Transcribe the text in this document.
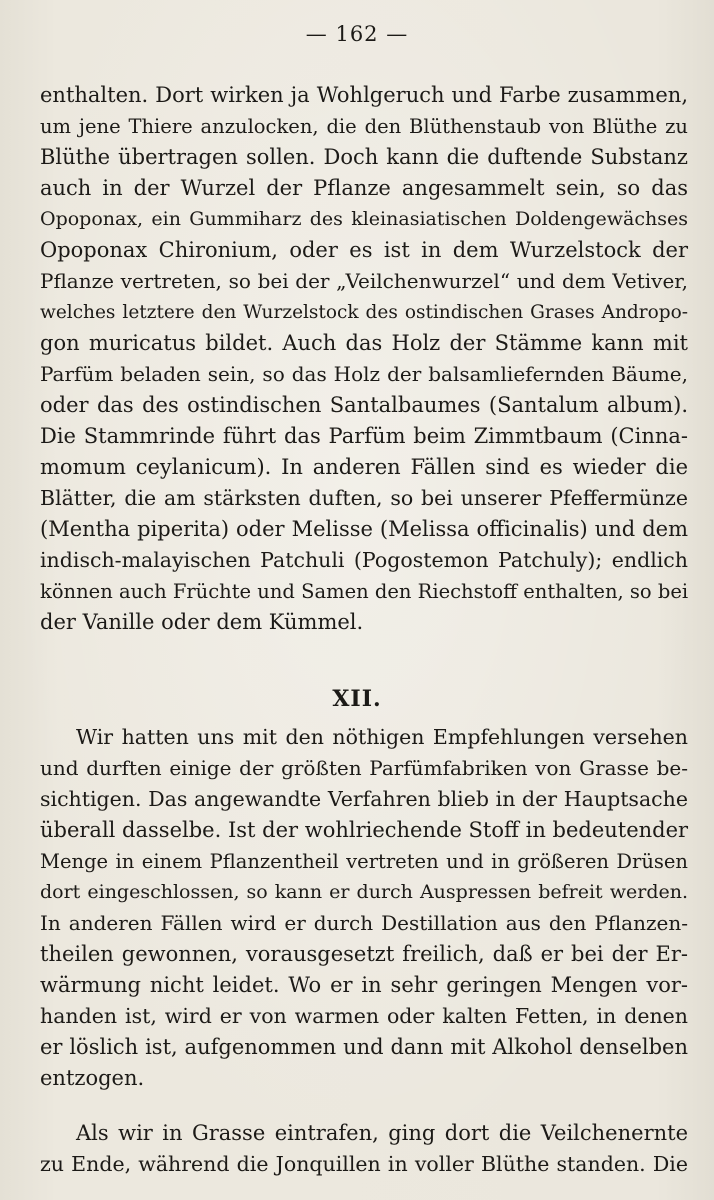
— 162 —
enthalten. Dort wirken ja Wohlgeruch und Farbe zusammen,
um jene Thiere anzulocken, die den Blüthenstaub von Blüthe zu
Blüthe übertragen sollen. Doch kann die duftende Substanz
auch in der Wurzel der Pflanze angesammelt sein, so das
Opoponax, ein Gummiharz des kleinasiatischen Doldengewächses
Opoponax Chironium, oder es ist in dem Wurzelstock der
Pflanze vertreten, so bei der „Veilchenwurzel“ und dem Vetiver,
welches letztere den Wurzelstock des ostindischen Grases Andropo-
gon muricatus bildet. Auch das Holz der Stämme kann mit
Parfüm beladen sein, so das Holz der balsamliefernden Bäume,
oder das des ostindischen Santalbaumes (Santalum album).
Die Stammrinde führt das Parfüm beim Zimmtbaum (Cinna-
momum ceylanicum). In anderen Fällen sind es wieder die
Blätter, die am stärksten duften, so bei unserer Pfeffermünze
(Mentha piperita) oder Melisse (Melissa officinalis) und dem
indisch-malayischen Patchuli (Pogostemon Patchuly); endlich
können auch Früchte und Samen den Riechstoff enthalten, so bei
der Vanille oder dem Kümmel.
XII.
Wir hatten uns mit den nöthigen Empfehlungen versehen
und durften einige der größten Parfümfabriken von Grasse be-
sichtigen. Das angewandte Verfahren blieb in der Hauptsache
überall dasselbe. Ist der wohlriechende Stoff in bedeutender
Menge in einem Pflanzentheil vertreten und in größeren Drüsen
dort eingeschlossen, so kann er durch Auspressen befreit werden.
In anderen Fällen wird er durch Destillation aus den Pflanzen-
theilen gewonnen, vorausgesetzt freilich, daß er bei der Er-
wärmung nicht leidet. Wo er in sehr geringen Mengen vor-
handen ist, wird er von warmen oder kalten Fetten, in denen
er löslich ist, aufgenommen und dann mit Alkohol denselben
entzogen.
Als wir in Grasse eintrafen, ging dort die Veilchenernte
zu Ende, während die Jonquillen in voller Blüthe standen. Die
